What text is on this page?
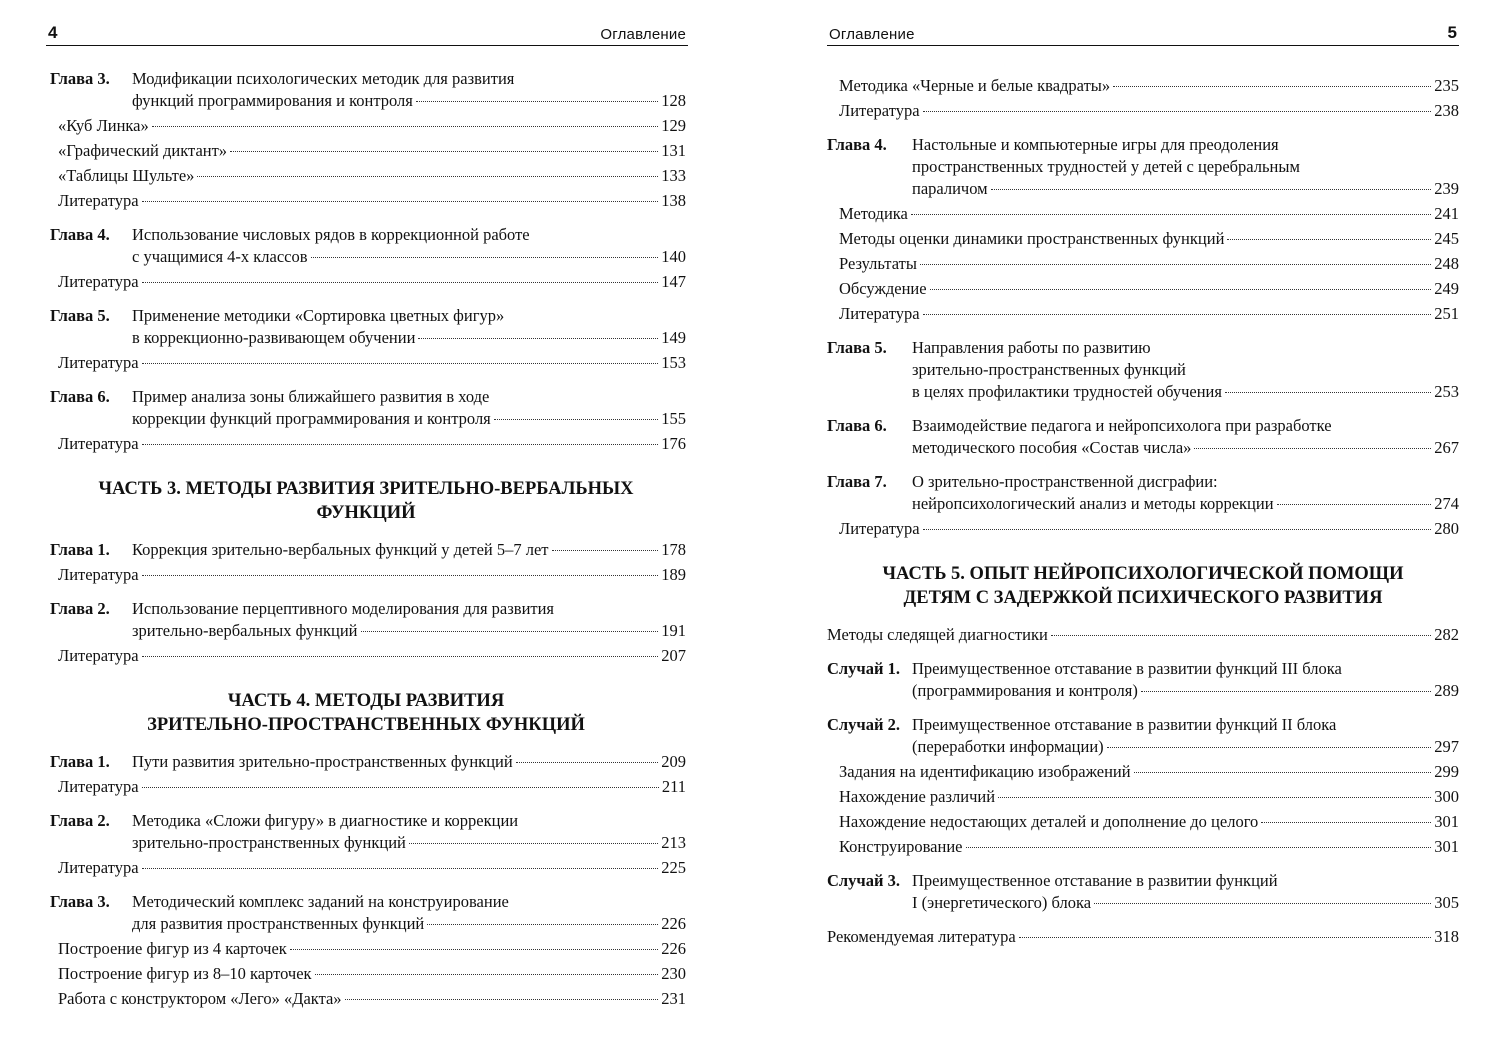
4	Оглавление
Глава 3. Модификации психологических методик для развития
функций программирования и контроля	128
«Куб Линка»	129
«Графический диктант»	131
«Таблицы Шульте»	133
Литература	138
Глава 4. Использование числовых рядов в коррекционной работе
с учащимися 4-х классов	140
Литература	147
Глава 5. Применение методики «Сортировка цветных фигур»
в коррекционно-развивающем обучении	149
Литература	153
Глава 6. Пример анализа зоны ближайшего развития в ходе
коррекции функций программирования и контроля	155
Литература	176
ЧАСТЬ 3. МЕТОДЫ РАЗВИТИЯ ЗРИТЕЛЬНО-ВЕРБАЛЬНЫХ
ФУНКЦИЙ
Глава 1. Коррекция зрительно-вербальных функций у детей 5–7 лет	178
Литература	189
Глава 2. Использование перцептивного моделирования для развития
зрительно-вербальных функций	191
Литература	207
ЧАСТЬ 4. МЕТОДЫ РАЗВИТИЯ
ЗРИТЕЛЬНО-ПРОСТРАНСТВЕННЫХ ФУНКЦИЙ
Глава 1. Пути развития зрительно-пространственных функций	209
Литература	211
Глава 2. Методика «Сложи фигуру» в диагностике и коррекции
зрительно-пространственных функций	213
Литература	225
Глава 3. Методический комплекс заданий на конструирование
для развития пространственных функций	226
Построение фигур из 4 карточек	226
Построение фигур из 8–10 карточек	230
Работа с конструктором «Лего» «Дакта»	231
Оглавление	5
Методика «Черные и белые квадраты»	235
Литература	238
Глава 4. Настольные и компьютерные игры для преодоления
пространственных трудностей у детей с церебральным
параличом	239
Методика	241
Методы оценки динамики пространственных функций	245
Результаты	248
Обсуждение	249
Литература	251
Глава 5. Направления работы по развитию
зрительно-пространственных функций
в целях профилактики трудностей обучения	253
Глава 6. Взаимодействие педагога и нейропсихолога при разработке
методического пособия «Состав числа»	267
Глава 7. О зрительно-пространственной дисграфии:
нейропсихологический анализ и методы коррекции	274
Литература	280
ЧАСТЬ 5. ОПЫТ НЕЙРОПСИХОЛОГИЧЕСКОЙ ПОМОЩИ
ДЕТЯМ С ЗАДЕРЖКОЙ ПСИХИЧЕСКОГО РАЗВИТИЯ
Методы следящей диагностики	282
Случай 1. Преимущественное отставание в развитии функций III блока
(программирования и контроля)	289
Случай 2. Преимущественное отставание в развитии функций II блока
(переработки информации)	297
Задания на идентификацию изображений	299
Нахождение различий	300
Нахождение недостающих деталей и дополнение до целого	301
Конструирование	301
Случай 3. Преимущественное отставание в развитии функций
I (энергетического) блока	305
Рекомендуемая литература	318
